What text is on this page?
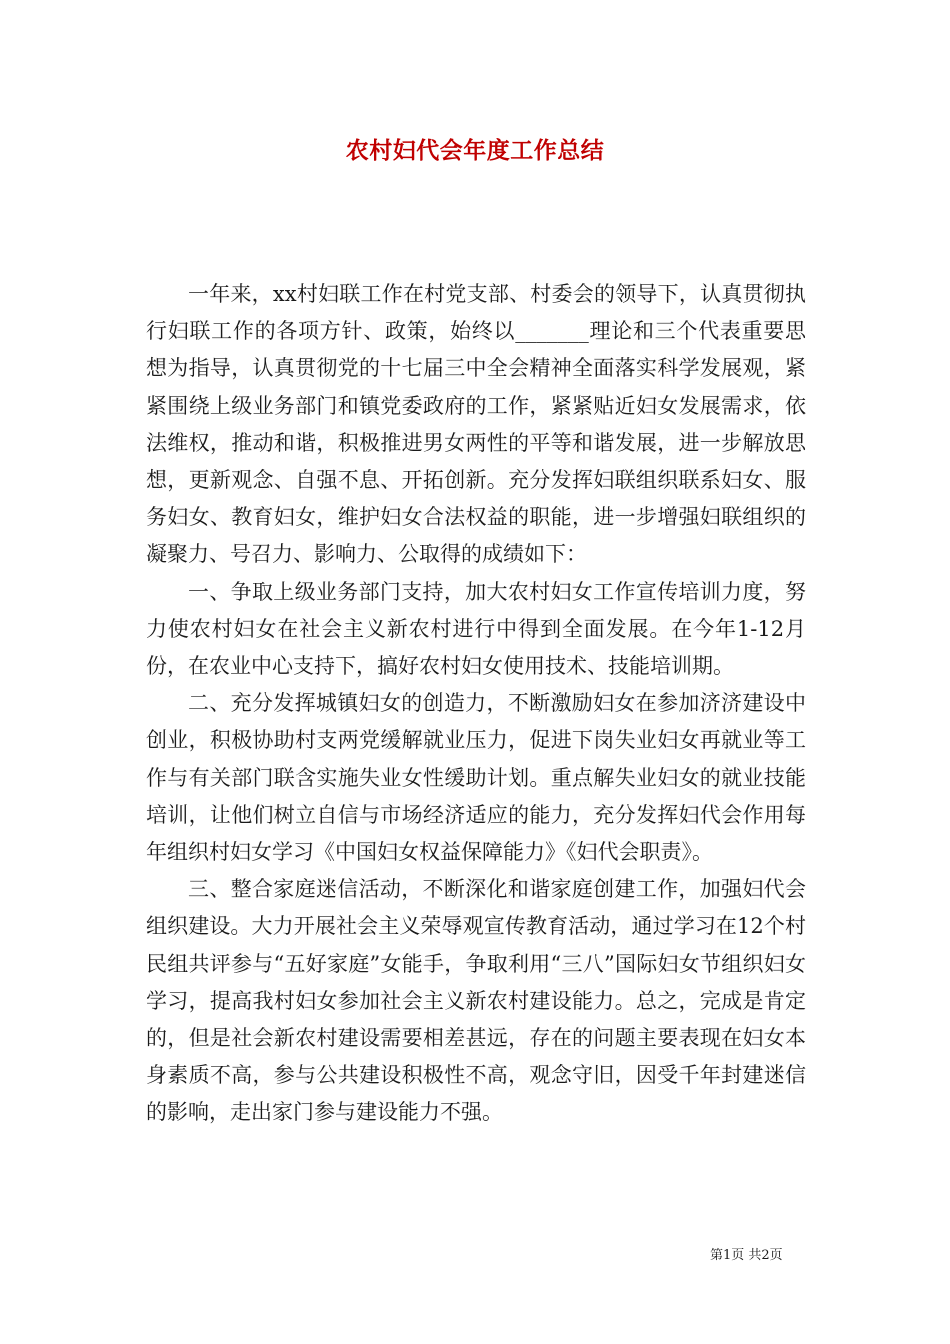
农村妇代会年度工作总结

一年来，xx村妇联工作在村党支部、村委会的领导下，认真贯彻执行妇联工作的各项方针、政策，始终以_______理论和三个代表重要思想为指导，认真贯彻党的十七届三中全会精神全面落实科学发展观，紧紧围绕上级业务部门和镇党委政府的工作，紧紧贴近妇女发展需求，依法维权，推动和谐，积极推进男女两性的平等和谐发展，进一步解放思想，更新观念、自强不息、开拓创新。充分发挥妇联组织联系妇女、服务妇女、教育妇女，维护妇女合法权益的职能，进一步增强妇联组织的凝聚力、号召力、影响力、公取得的成绩如下：

一、争取上级业务部门支持，加大农村妇女工作宣传培训力度，努力使农村妇女在社会主义新农村进行中得到全面发展。在今年1-12月份，在农业中心支持下，搞好农村妇女使用技术、技能培训期。

二、充分发挥城镇妇女的创造力，不断激励妇女在参加济济建设中创业，积极协助村支两党缓解就业压力，促进下岗失业妇女再就业等工作与有关部门联含实施失业女性缓助计划。重点解失业妇女的就业技能培训，让他们树立自信与市场经济适应的能力，充分发挥妇代会作用每年组织村妇女学习《中国妇女权益保障能力》《妇代会职责》。

三、整合家庭迷信活动，不断深化和谐家庭创建工作，加强妇代会组织建设。大力开展社会主义荣辱观宣传教育活动，通过学习在12个村民组共评参与“五好家庭”女能手，争取利用“三八”国际妇女节组织妇女学习，提高我村妇女参加社会主义新农村建设能力。总之，完成是肯定的，但是社会新农村建设需要相差甚远，存在的问题主要表现在妇女本身素质不高，参与公共建设积极性不高，观念守旧，因受千年封建迷信的影响，走出家门参与建设能力不强。

第1页 共2页
